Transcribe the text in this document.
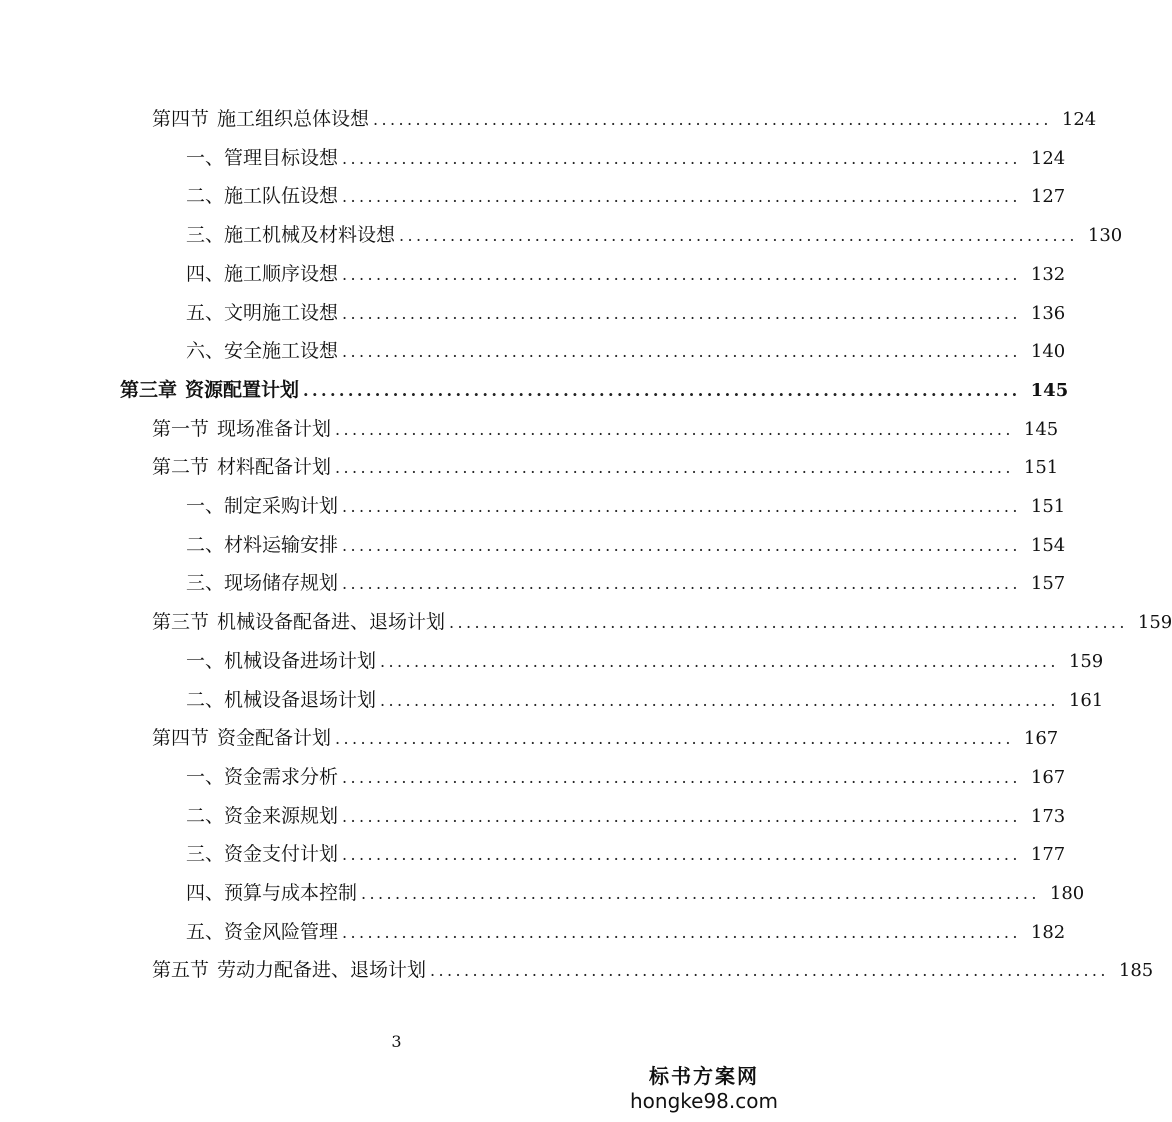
第四节 施工组织总体设想 ................................................................................ 124
一、管理目标设想 ................................................................................ 124
二、施工队伍设想 ................................................................................ 127
三、施工机械及材料设想 ................................................................................ 130
四、施工顺序设想 ................................................................................ 132
五、文明施工设想 ................................................................................ 136
六、安全施工设想 ................................................................................ 140
第三章 资源配置计划 ................................................................................ 145
第一节 现场准备计划 ................................................................................ 145
第二节 材料配备计划 ................................................................................ 151
一、制定采购计划 ................................................................................ 151
二、材料运输安排 ................................................................................ 154
三、现场储存规划 ................................................................................ 157
第三节 机械设备配备进、退场计划 ................................................................................ 159
一、机械设备进场计划 ................................................................................ 159
二、机械设备退场计划 ................................................................................ 161
第四节 资金配备计划 ................................................................................ 167
一、资金需求分析 ................................................................................ 167
二、资金来源规划 ................................................................................ 173
三、资金支付计划 ................................................................................ 177
四、预算与成本控制 ................................................................................ 180
五、资金风险管理 ................................................................................ 182
第五节 劳动力配备进、退场计划 ................................................................................ 185
3
标书方案网
hongke98.com
